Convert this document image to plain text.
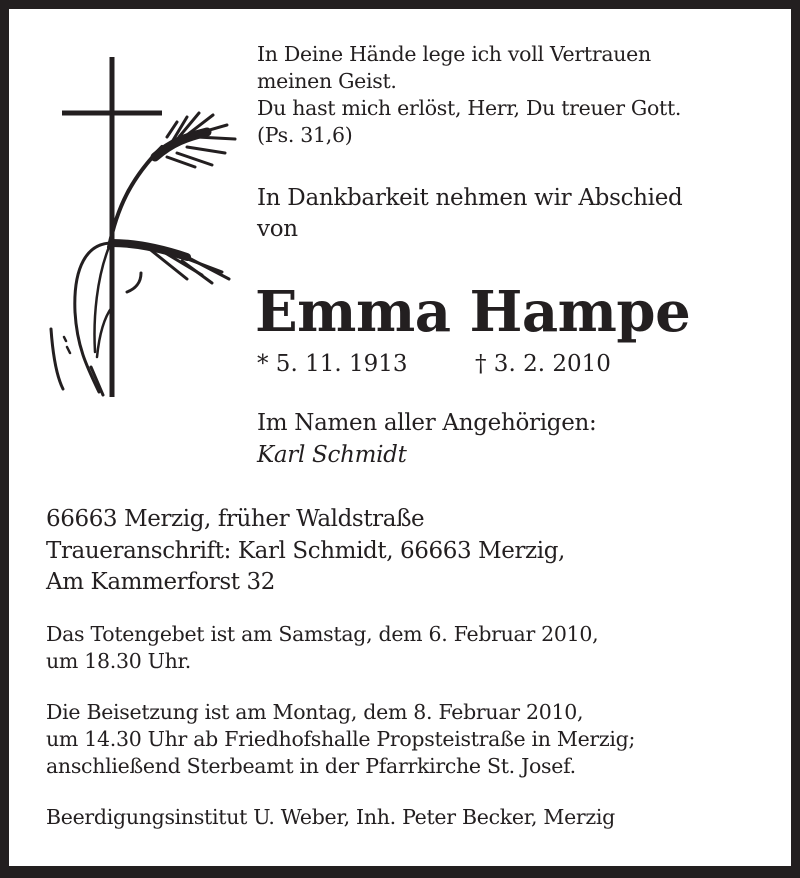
In Deine Hände lege ich voll Vertrauen
meinen Geist.
Du hast mich erlöst, Herr, Du treuer Gott.
(Ps. 31,6)
In Dankbarkeit nehmen wir Abschied
von
Emma Hampe
* 5. 11. 1913	† 3. 2. 2010
Im Namen aller Angehörigen:
Karl Schmidt
66663 Merzig, früher Waldstraße
Traueranschrift: Karl Schmidt, 66663 Merzig,
Am Kammerforst 32
Das Totengebet ist am Samstag, dem 6. Februar 2010,
um 18.30 Uhr.
Die Beisetzung ist am Montag, dem 8. Februar 2010,
um 14.30 Uhr ab Friedhofshalle Propsteistraße in Merzig;
anschließend Sterbeamt in der Pfarrkirche St. Josef.
Beerdigungsinstitut U. Weber, Inh. Peter Becker, Merzig
